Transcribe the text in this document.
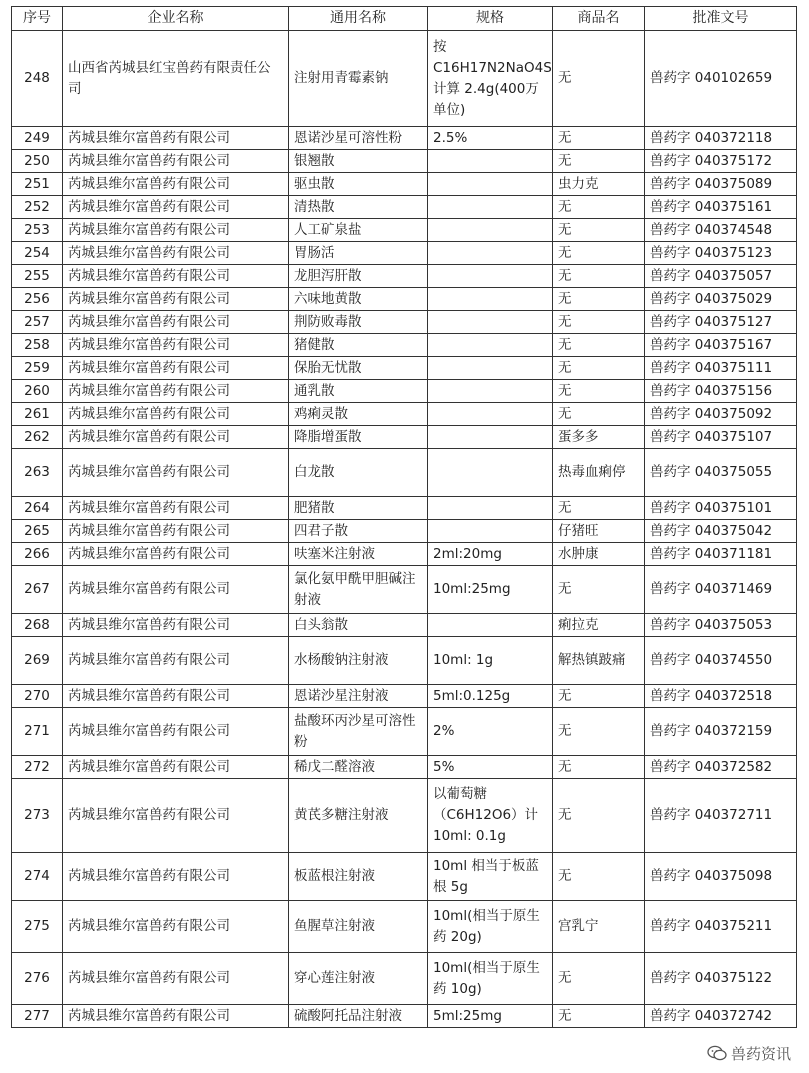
序号	企业名称	通用名称	规格	商品名	批准文号
248	山西省芮城县红宝兽药有限责任公司	注射用青霉素钠	按C16H17N2NaO4S计算 2.4g(400万单位)	无	兽药字 040102659
249	芮城县维尔富兽药有限公司	恩诺沙星可溶性粉	2.5%	无	兽药字 040372118
250	芮城县维尔富兽药有限公司	银翘散		无	兽药字 040375172
251	芮城县维尔富兽药有限公司	驱虫散		虫力克	兽药字 040375089
252	芮城县维尔富兽药有限公司	清热散		无	兽药字 040375161
253	芮城县维尔富兽药有限公司	人工矿泉盐		无	兽药字 040374548
254	芮城县维尔富兽药有限公司	胃肠活		无	兽药字 040375123
255	芮城县维尔富兽药有限公司	龙胆泻肝散		无	兽药字 040375057
256	芮城县维尔富兽药有限公司	六味地黄散		无	兽药字 040375029
257	芮城县维尔富兽药有限公司	荆防败毒散		无	兽药字 040375127
258	芮城县维尔富兽药有限公司	猪健散		无	兽药字 040375167
259	芮城县维尔富兽药有限公司	保胎无忧散		无	兽药字 040375111
260	芮城县维尔富兽药有限公司	通乳散		无	兽药字 040375156
261	芮城县维尔富兽药有限公司	鸡痢灵散		无	兽药字 040375092
262	芮城县维尔富兽药有限公司	降脂增蛋散		蛋多多	兽药字 040375107
263	芮城县维尔富兽药有限公司	白龙散		热毒血痢停	兽药字 040375055
264	芮城县维尔富兽药有限公司	肥猪散		无	兽药字 040375101
265	芮城县维尔富兽药有限公司	四君子散		仔猪旺	兽药字 040375042
266	芮城县维尔富兽药有限公司	呋塞米注射液	2ml:20mg	水肿康	兽药字 040371181
267	芮城县维尔富兽药有限公司	氯化氨甲酰甲胆碱注射液	10ml:25mg	无	兽药字 040371469
268	芮城县维尔富兽药有限公司	白头翁散		痢拉克	兽药字 040375053
269	芮城县维尔富兽药有限公司	水杨酸钠注射液	10ml: 1g	解热镇跛痛	兽药字 040374550
270	芮城县维尔富兽药有限公司	恩诺沙星注射液	5ml:0.125g	无	兽药字 040372518
271	芮城县维尔富兽药有限公司	盐酸环丙沙星可溶性粉	2%	无	兽药字 040372159
272	芮城县维尔富兽药有限公司	稀戊二醛溶液	5%	无	兽药字 040372582
273	芮城县维尔富兽药有限公司	黄芪多糖注射液	以葡萄糖（C6H12O6）计10ml: 0.1g	无	兽药字 040372711
274	芮城县维尔富兽药有限公司	板蓝根注射液	10ml 相当于板蓝根 5g	无	兽药字 040375098
275	芮城县维尔富兽药有限公司	鱼腥草注射液	10ml(相当于原生药 20g)	宫乳宁	兽药字 040375211
276	芮城县维尔富兽药有限公司	穿心莲注射液	10ml(相当于原生药 10g)	无	兽药字 040375122
277	芮城县维尔富兽药有限公司	硫酸阿托品注射液	5ml:25mg	无	兽药字 040372742
兽药资讯
